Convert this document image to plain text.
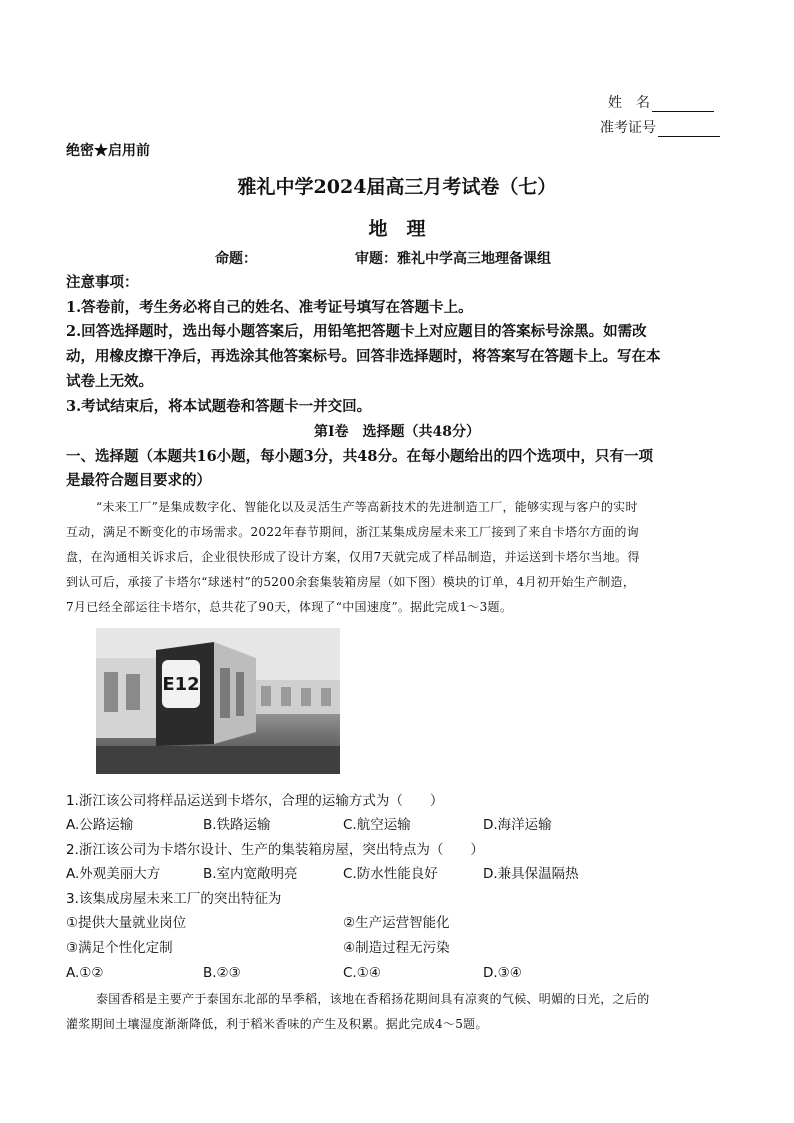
姓　名
准考证号
绝密★启用前
雅礼中学2024届高三月考试卷（七）
地　理
命题：	审题：雅礼中学高三地理备课组
注意事项：
1.答卷前，考生务必将自己的姓名、准考证号填写在答题卡上。
2.回答选择题时，选出每小题答案后，用铅笔把答题卡上对应题目的答案标号涂黑。如需改
动，用橡皮擦干净后，再选涂其他答案标号。回答非选择题时，将答案写在答题卡上。写在本
试卷上无效。
3.考试结束后，将本试题卷和答题卡一并交回。
第Ⅰ卷　选择题（共48分）
一、选择题（本题共16小题，每小题3分，共48分。在每小题给出的四个选项中，只有一项
是最符合题目要求的）
“未来工厂”是集成数字化、智能化以及灵活生产等高新技术的先进制造工厂，能够实现与客户的实时
互动，满足不断变化的市场需求。2022年春节期间，浙江某集成房屋未来工厂接到了来自卡塔尔方面的询
盘，在沟通相关诉求后，企业很快形成了设计方案，仅用7天就完成了样品制造，并运送到卡塔尔当地。得
到认可后，承接了卡塔尔“球迷村”的5200余套集装箱房屋（如下图）模块的订单，4月初开始生产制造，
7月已经全部运往卡塔尔，总共花了90天，体现了“中国速度”。据此完成1～3题。
E12
1.浙江该公司将样品运送到卡塔尔，合理的运输方式为（　　）
A.公路运输	B.铁路运输	C.航空运输	D.海洋运输
2.浙江该公司为卡塔尔设计、生产的集装箱房屋，突出特点为（　　）
A.外观美丽大方	B.室内宽敞明亮	C.防水性能良好	D.兼具保温隔热
3.该集成房屋未来工厂的突出特征为
①提供大量就业岗位	②生产运营智能化
③满足个性化定制	④制造过程无污染
A.①②	B.②③	C.①④	D.③④
泰国香稻是主要产于泰国东北部的旱季稻，该地在香稻扬花期间具有凉爽的气候、明媚的日光，之后的
灌浆期间土壤湿度渐渐降低，利于稻米香味的产生及积累。据此完成4～5题。
